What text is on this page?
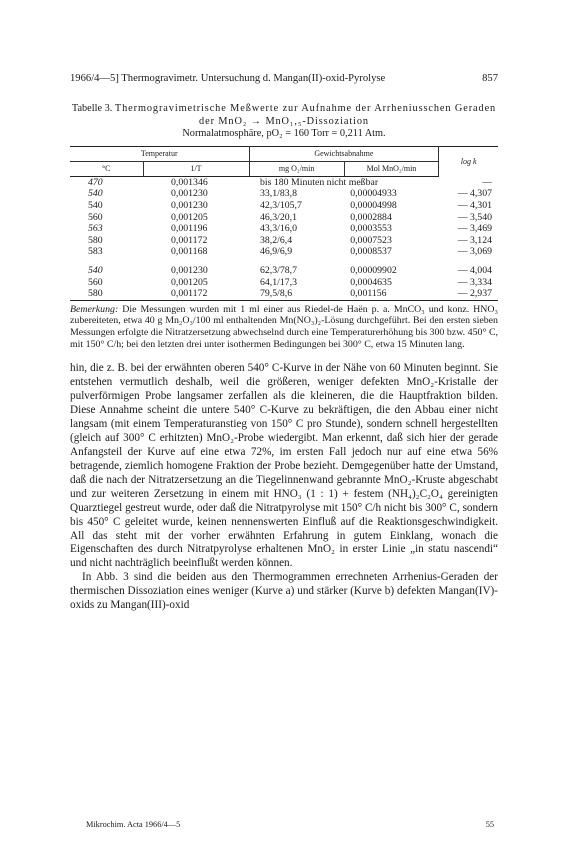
1966/4—5] Thermogravimetr. Untersuchung d. Mangan(II)-oxid-Pyrolyse	857
Tabelle 3. Thermogravimetrische Meßwerte zur Aufnahme der Arrheniusschen Geraden der MnO₂ → MnO₁,₅-Dissoziation
Normalatmosphäre, pO₂ = 160 Torr = 0,211 Atm.
Temperatur		Gewichtsabnahme		log k
°C	1/T	mg O₂/min	Mol MnO₂/min	
470	0,001346	bis 180 Minuten nicht meßbar		—
540	0,001230	33,1/83,8	0,00004933	— 4,307
540	0,001230	42,3/105,7	0,00004998	— 4,301
560	0,001205	46,3/20,1	0,0002884	— 3,540
563	0,001196	43,3/16,0	0,0003553	— 3,469
580	0,001172	38,2/6,4	0,0007523	— 3,124
583	0,001168	46,9/6,9	0,0008537	— 3,069
540	0,001230	62,3/78,7	0,00009902	— 4,004
560	0,001205	64,1/17,3	0,0004635	— 3,334
580	0,001172	79,5/8,6	0,001156	— 2,937

Bemerkung: Die Messungen wurden mit 1 ml einer aus Riedel-de Haën p. a. MnCO₃ und konz. HNO₃ zubereiteten, etwa 40 g Mn₂O₃/100 ml enthaltenden Mn(NO₃)₂-Lösung durchgeführt. Bei den ersten sieben Messungen erfolgte die Nitratzersetzung abwechselnd durch eine Temperaturerhöhung bis 300 bzw. 450° C, mit 150° C/h; bei den letzten drei unter isothermen Bedingungen bei 300° C, etwa 15 Minuten lang.

hin, die z. B. bei der erwähnten oberen 540° C-Kurve in der Nähe von 60 Minuten beginnt. Sie entstehen vermutlich deshalb, weil die größeren, weniger defekten MnO₂-Kristalle der pulverförmigen Probe langsamer zerfallen als die kleineren, die die Hauptfraktion bilden. Diese Annahme scheint die untere 540° C-Kurve zu bekräftigen, die den Abbau einer nicht langsam (mit einem Temperaturanstieg von 150° C pro Stunde), sondern schnell hergestellten (gleich auf 300° C erhitzten) MnO₂-Probe wiedergibt. Man erkennt, daß sich hier der gerade Anfangsteil der Kurve auf eine etwa 72%, im ersten Fall jedoch nur auf eine etwa 56% betragende, ziemlich homogene Fraktion der Probe bezieht. Demgegenüber hatte der Umstand, daß die nach der Nitratzersetzung an die Tiegelinnenwand gebrannte MnO₂-Kruste abgeschabt und zur weiteren Zersetzung in einem mit HNO₃ (1 : 1) + festem (NH₄)₂C₂O₄ gereinigten Quarztiegel gestreut wurde, oder daß die Nitratpyrolyse mit 150° C/h nicht bis 300° C, sondern bis 450° C geleitet wurde, keinen nennenswerten Einfluß auf die Reaktionsgeschwindigkeit. All das steht mit der vorher erwähnten Erfahrung in gutem Einklang, wonach die Eigenschaften des durch Nitratpyrolyse erhaltenen MnO₂ in erster Linie „in statu nascendi“ und nicht nachträglich beeinflußt werden können.

In Abb. 3 sind die beiden aus den Thermogrammen errechneten Arrhenius-Geraden der thermischen Dissoziation eines weniger (Kurve a) und stärker (Kurve b) defekten Mangan(IV)-oxids zu Mangan(III)-oxid

Mikrochim. Acta 1966/4—5	55
